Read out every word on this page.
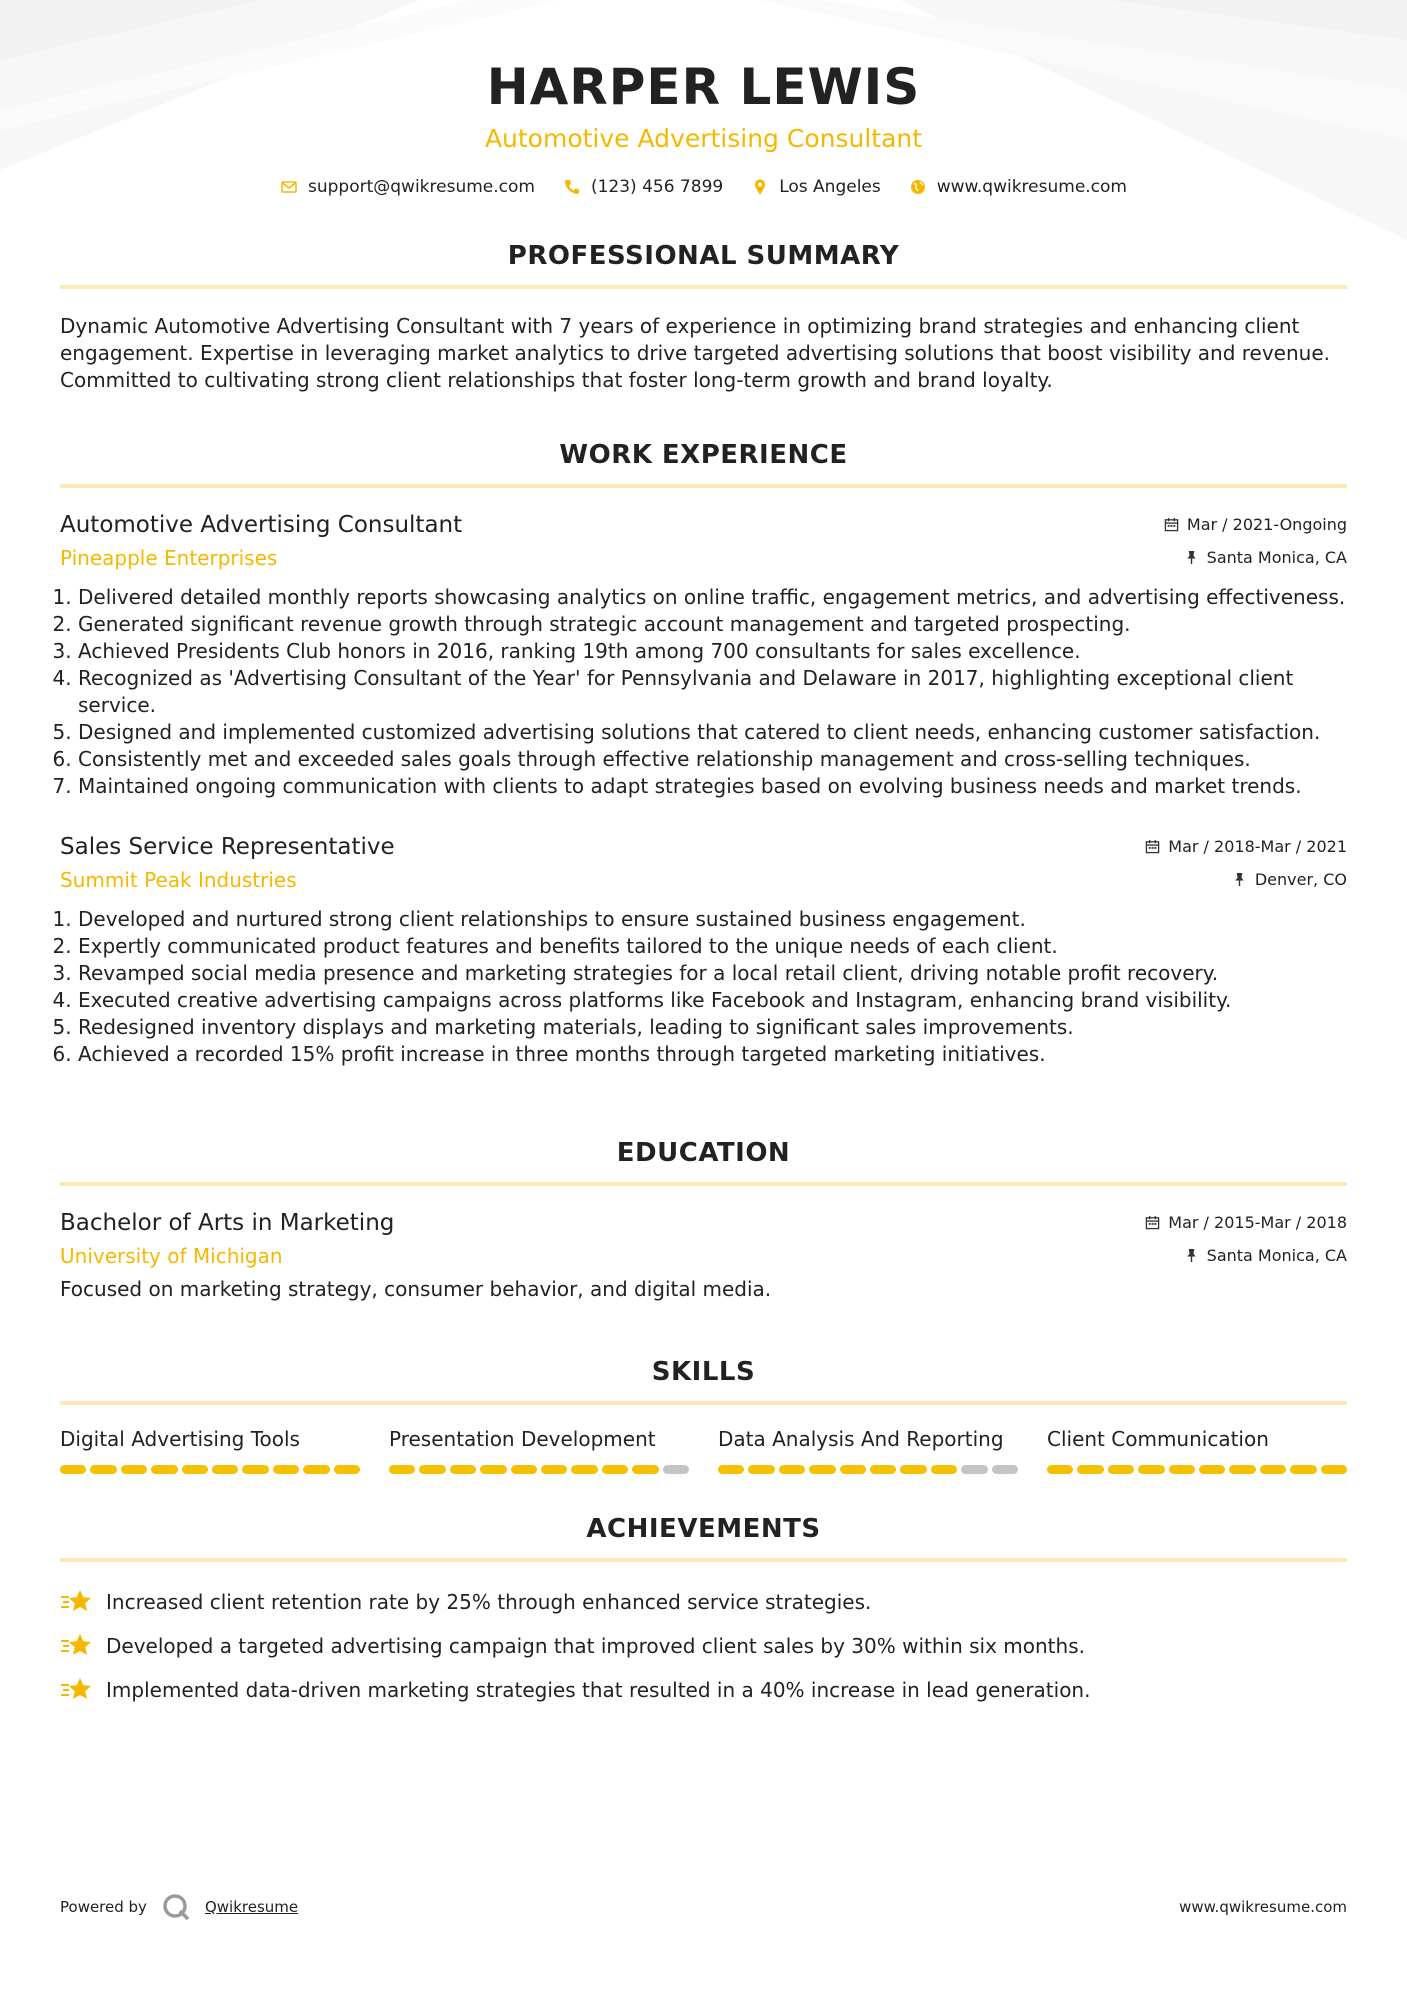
HARPER LEWIS
Automotive Advertising Consultant
support@qwikresume.com	(123) 456 7899	Los Angeles	www.qwikresume.com
PROFESSIONAL SUMMARY

Dynamic Automotive Advertising Consultant with 7 years of experience in optimizing brand strategies and enhancing client engagement. Expertise in leveraging market analytics to drive targeted advertising solutions that boost visibility and revenue. Committed to cultivating strong client relationships that foster long-term growth and brand loyalty.

WORK EXPERIENCE
Automotive Advertising Consultant	Mar / 2021-Ongoing
Pineapple Enterprises	Santa Monica, CA
1. Delivered detailed monthly reports showcasing analytics on online traffic, engagement metrics, and advertising effectiveness.
2. Generated significant revenue growth through strategic account management and targeted prospecting.
3. Achieved Presidents Club honors in 2016, ranking 19th among 700 consultants for sales excellence.
4. Recognized as 'Advertising Consultant of the Year' for Pennsylvania and Delaware in 2017, highlighting exceptional client service.
5. Designed and implemented customized advertising solutions that catered to client needs, enhancing customer satisfaction.
6. Consistently met and exceeded sales goals through effective relationship management and cross-selling techniques.
7. Maintained ongoing communication with clients to adapt strategies based on evolving business needs and market trends.
Sales Service Representative	Mar / 2018-Mar / 2021
Summit Peak Industries	Denver, CO
1. Developed and nurtured strong client relationships to ensure sustained business engagement.
2. Expertly communicated product features and benefits tailored to the unique needs of each client.
3. Revamped social media presence and marketing strategies for a local retail client, driving notable profit recovery.
4. Executed creative advertising campaigns across platforms like Facebook and Instagram, enhancing brand visibility.
5. Redesigned inventory displays and marketing materials, leading to significant sales improvements.
6. Achieved a recorded 15% profit increase in three months through targeted marketing initiatives.
EDUCATION
Bachelor of Arts in Marketing	Mar / 2015-Mar / 2018
University of Michigan	Santa Monica, CA
Focused on marketing strategy, consumer behavior, and digital media.
SKILLS
Digital Advertising Tools	Presentation Development	Data Analysis And Reporting	Client Communication
ACHIEVEMENTS
Increased client retention rate by 25% through enhanced service strategies.
Developed a targeted advertising campaign that improved client sales by 30% within six months.
Implemented data-driven marketing strategies that resulted in a 40% increase in lead generation.
Powered by	Qwikresume	www.qwikresume.com
